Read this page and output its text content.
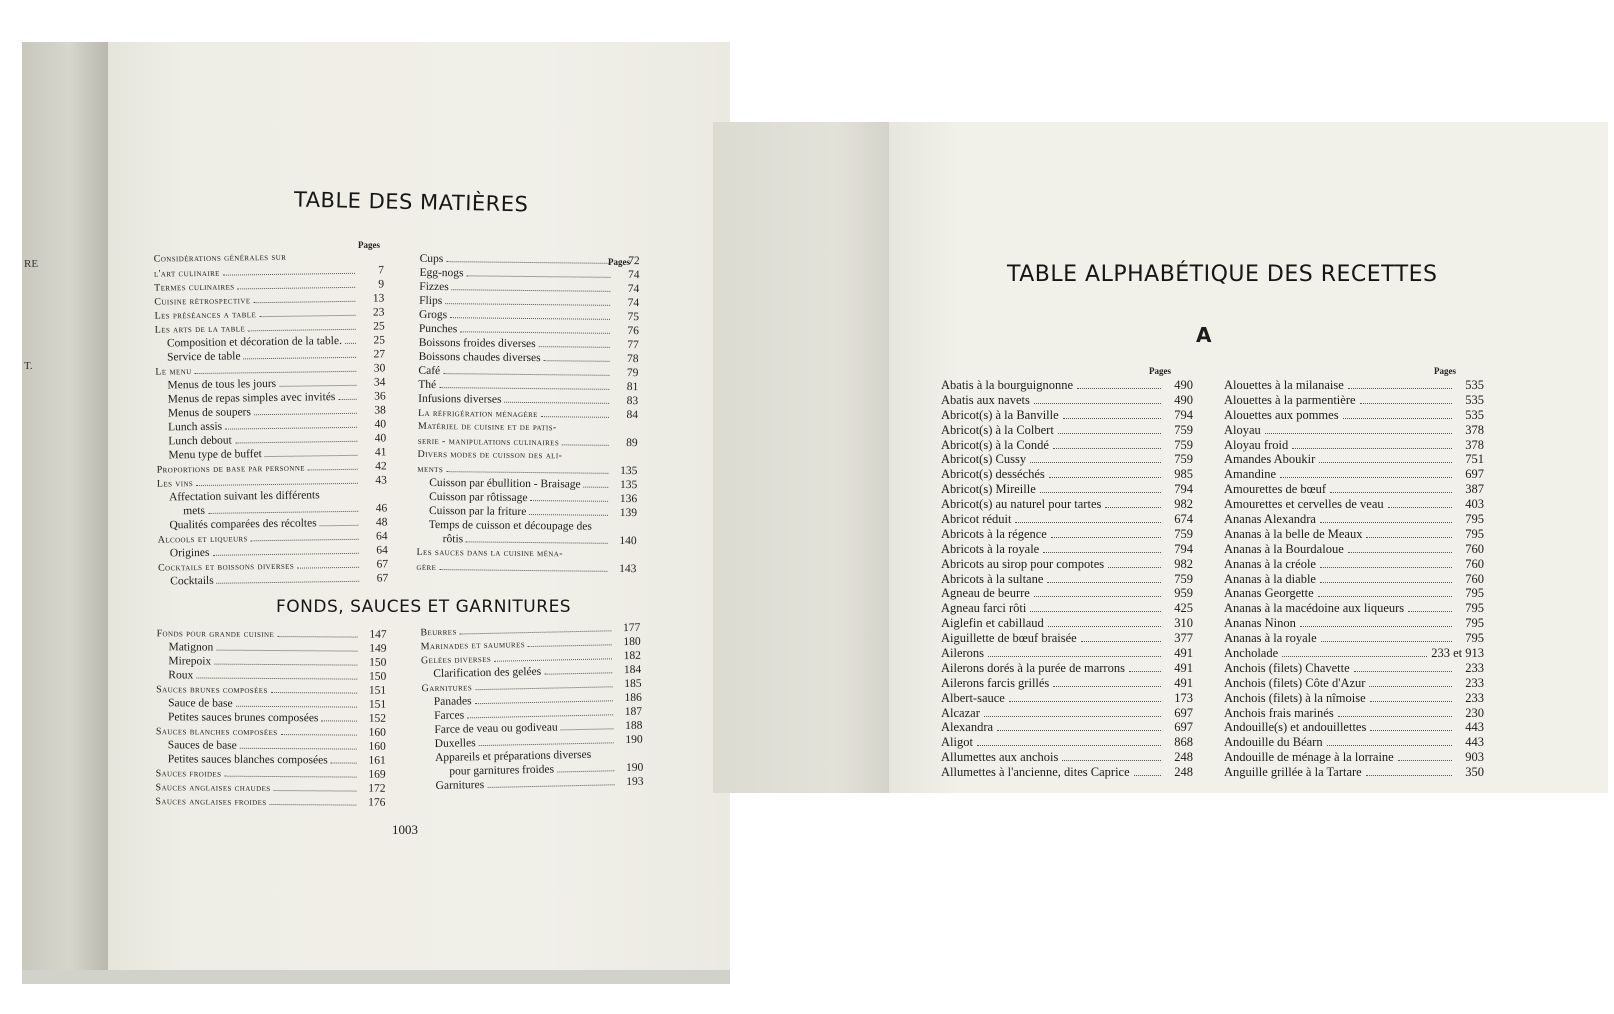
RE
T.
TABLE DES MATIÈRES
Pages
Pages
Considérations générales sur
l'art culinaire	7
Termes culinaires	9
Cuisine rétrospective	13
Les préséances a table	23
Les arts de la table	25
Composition et décoration de la table.	25
Service de table	27
Le menu	30
Menus de tous les jours	34
Menus de repas simples avec invités	36
Menus de soupers	38
Lunch assis	40
Lunch debout	40
Menu type de buffet	41
Proportions de base par personne	42
Les vins	43
Affectation suivant les différents
mets	46
Qualités comparées des récoltes	48
Alcools et liqueurs	64
Origines	64
Cocktails et boissons diverses	67
Cocktails	67
Cups	72
Egg-nogs	74
Fizzes	74
Flips	74
Grogs	75
Punches	76
Boissons froides diverses	77
Boissons chaudes diverses	78
Café	79
Thé	81
Infusions diverses	83
La réfrigération ménagère	84
Matériel de cuisine et de patis-
serie - manipulations culinaires	89
Divers modes de cuisson des ali-
ments	135
Cuisson par ébullition - Braisage	135
Cuisson par rôtissage	136
Cuisson par la friture	139
Temps de cuisson et découpage des
rôtis	140
Les sauces dans la cuisine ména-
gère	143
FONDS, SAUCES ET GARNITURES
Fonds pour grande cuisine	147
Matignon	149
Mirepoix	150
Roux	150
Sauces brunes composées	151
Sauce de base	151
Petites sauces brunes composées	152
Sauces blanches composées	160
Sauces de base	160
Petites sauces blanches composées	161
Sauces froides	169
Sauces anglaises chaudes	172
Sauces anglaises froides	176
Beurres	177
Marinades et saumures	180
Gelées diverses	182
Clarification des gelées	184
Garnitures	185
Panades	186
Farces	187
Farce de veau ou godiveau	188
Duxelles	190
Appareils et préparations diverses
pour garnitures froides	190
Garnitures	193
1003
TABLE ALPHABÉTIQUE DES RECETTES
A
Pages	Pages
Abatis à la bourguignonne	490
Abatis aux navets	490
Abricot(s) à la Banville	794
Abricot(s) à la Colbert	759
Abricot(s) à la Condé	759
Abricot(s) Cussy	759
Abricot(s) desséchés	985
Abricot(s) Mireille	794
Abricot(s) au naturel pour tartes	982
Abricot réduit	674
Abricots à la régence	759
Abricots à la royale	794
Abricots au sirop pour compotes	982
Abricots à la sultane	759
Agneau de beurre	959
Agneau farci rôti	425
Aiglefin et cabillaud	310
Aiguillette de bœuf braisée	377
Ailerons	491
Ailerons dorés à la purée de marrons	491
Ailerons farcis grillés	491
Albert-sauce	173
Alcazar	697
Alexandra	697
Aligot	868
Allumettes aux anchois	248
Allumettes à l'ancienne, dites Caprice	248
Alouettes à la milanaise	535
Alouettes à la parmentière	535
Alouettes aux pommes	535
Aloyau	378
Aloyau froid	378
Amandes Aboukir	751
Amandine	697
Amourettes de bœuf	387
Amourettes et cervelles de veau	403
Ananas Alexandra	795
Ananas à la belle de Meaux	795
Ananas à la Bourdaloue	760
Ananas à la créole	760
Ananas à la diable	760
Ananas Georgette	795
Ananas à la macédoine aux liqueurs	795
Ananas Ninon	795
Ananas à la royale	795
Ancholade	233 et 913
Anchois (filets) Chavette	233
Anchois (filets) Côte d'Azur	233
Anchois (filets) à la nîmoise	233
Anchois frais marinés	230
Andouille(s) et andouillettes	443
Andouille du Béarn	443
Andouille de ménage à la lorraine	903
Anguille grillée à la Tartare	350
